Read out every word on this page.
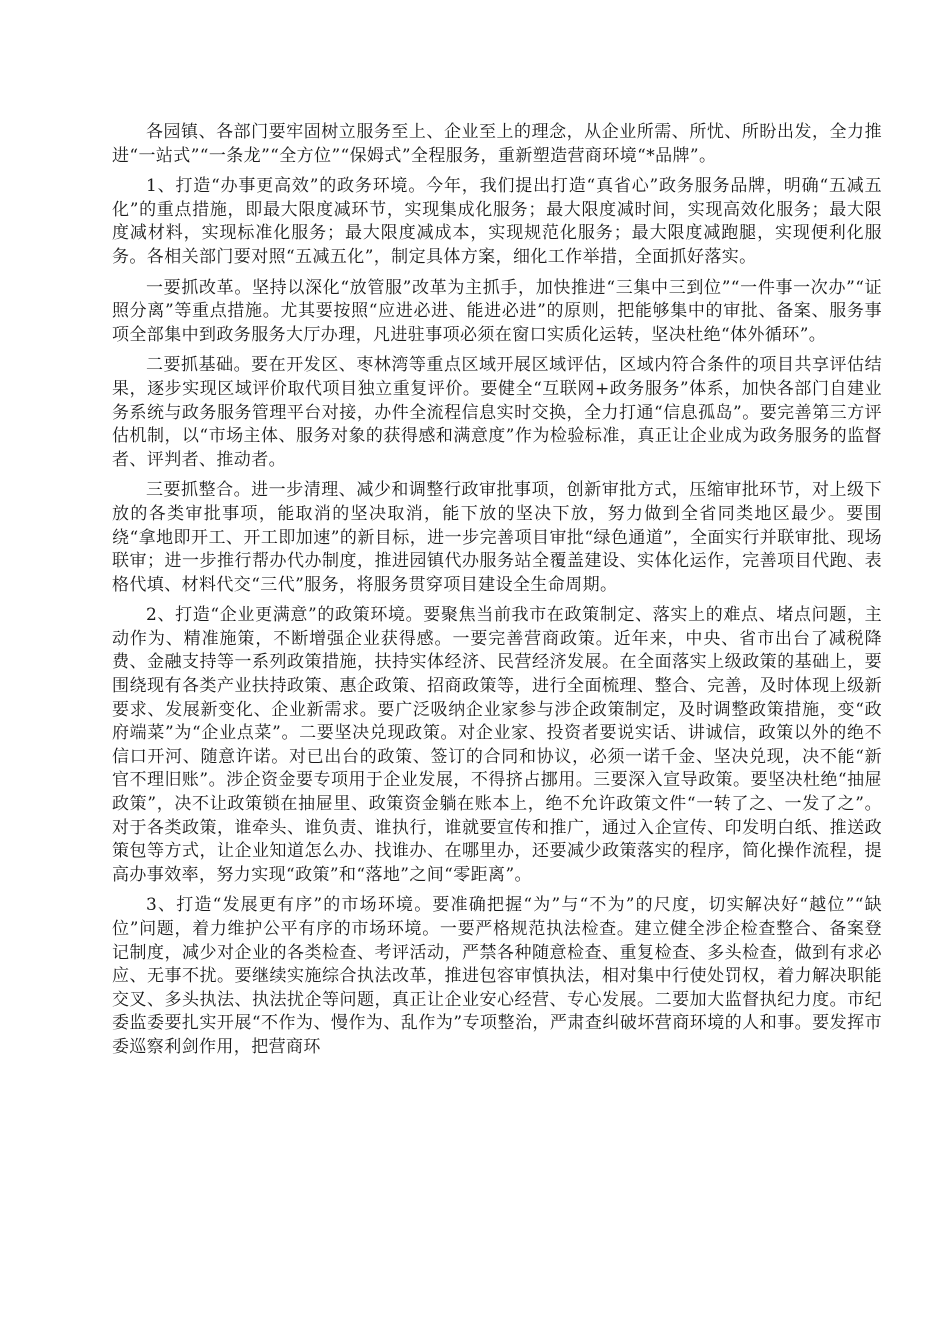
各园镇、各部门要牢固树立服务至上、企业至上的理念，从企业所需、所忧、所盼出发，全力推进“一站式”“一条龙”“全方位”“保姆式”全程服务，重新塑造营商环境“*品牌”。

1、打造“办事更高效”的政务环境。今年，我们提出打造“真省心”政务服务品牌，明确“五减五化”的重点措施，即最大限度减环节，实现集成化服务；最大限度减时间，实现高效化服务；最大限度减材料，实现标准化服务；最大限度减成本，实现规范化服务；最大限度减跑腿，实现便利化服务。各相关部门要对照“五减五化”，制定具体方案，细化工作举措，全面抓好落实。

一要抓改革。坚持以深化“放管服”改革为主抓手，加快推进“三集中三到位”“一件事一次办”“证照分离”等重点措施。尤其要按照“应进必进、能进必进”的原则，把能够集中的审批、备案、服务事项全部集中到政务服务大厅办理，凡进驻事项必须在窗口实质化运转，坚决杜绝“体外循环”。

二要抓基础。要在开发区、枣林湾等重点区域开展区域评估，区域内符合条件的项目共享评估结果，逐步实现区域评价取代项目独立重复评价。要健全“互联网+政务服务”体系，加快各部门自建业务系统与政务服务管理平台对接，办件全流程信息实时交换，全力打通“信息孤岛”。要完善第三方评估机制，以“市场主体、服务对象的获得感和满意度”作为检验标准，真正让企业成为政务服务的监督者、评判者、推动者。

三要抓整合。进一步清理、减少和调整行政审批事项，创新审批方式，压缩审批环节，对上级下放的各类审批事项，能取消的坚决取消，能下放的坚决下放，努力做到全省同类地区最少。要围绕“拿地即开工、开工即加速”的新目标，进一步完善项目审批“绿色通道”，全面实行并联审批、现场联审；进一步推行帮办代办制度，推进园镇代办服务站全覆盖建设、实体化运作，完善项目代跑、表格代填、材料代交“三代”服务，将服务贯穿项目建设全生命周期。

2、打造“企业更满意”的政策环境。要聚焦当前我市在政策制定、落实上的难点、堵点问题，主动作为、精准施策，不断增强企业获得感。一要完善营商政策。近年来，中央、省市出台了减税降费、金融支持等一系列政策措施，扶持实体经济、民营经济发展。在全面落实上级政策的基础上，要围绕现有各类产业扶持政策、惠企政策、招商政策等，进行全面梳理、整合、完善，及时体现上级新要求、发展新变化、企业新需求。要广泛吸纳企业家参与涉企政策制定，及时调整政策措施，变“政府端菜”为“企业点菜”。二要坚决兑现政策。对企业家、投资者要说实话、讲诚信，政策以外的绝不信口开河、随意许诺。对已出台的政策、签订的合同和协议，必须一诺千金、坚决兑现，决不能“新官不理旧账”。涉企资金要专项用于企业发展，不得挤占挪用。三要深入宣导政策。要坚决杜绝“抽屉政策”，决不让政策锁在抽屉里、政策资金躺在账本上，绝不允许政策文件“一转了之、一发了之”。对于各类政策，谁牵头、谁负责、谁执行，谁就要宣传和推广，通过入企宣传、印发明白纸、推送政策包等方式，让企业知道怎么办、找谁办、在哪里办，还要减少政策落实的程序，简化操作流程，提高办事效率，努力实现“政策”和“落地”之间“零距离”。

3、打造“发展更有序”的市场环境。要准确把握“为”与“不为”的尺度，切实解决好“越位”“缺位”问题，着力维护公平有序的市场环境。一要严格规范执法检查。建立健全涉企检查整合、备案登记制度，减少对企业的各类检查、考评活动，严禁各种随意检查、重复检查、多头检查，做到有求必应、无事不扰。要继续实施综合执法改革，推进包容审慎执法，相对集中行使处罚权，着力解决职能交叉、多头执法、执法扰企等问题，真正让企业安心经营、专心发展。二要加大监督执纪力度。市纪委监委要扎实开展“不作为、慢作为、乱作为”专项整治，严肃查纠破坏营商环境的人和事。要发挥市委巡察利剑作用，把营商环
